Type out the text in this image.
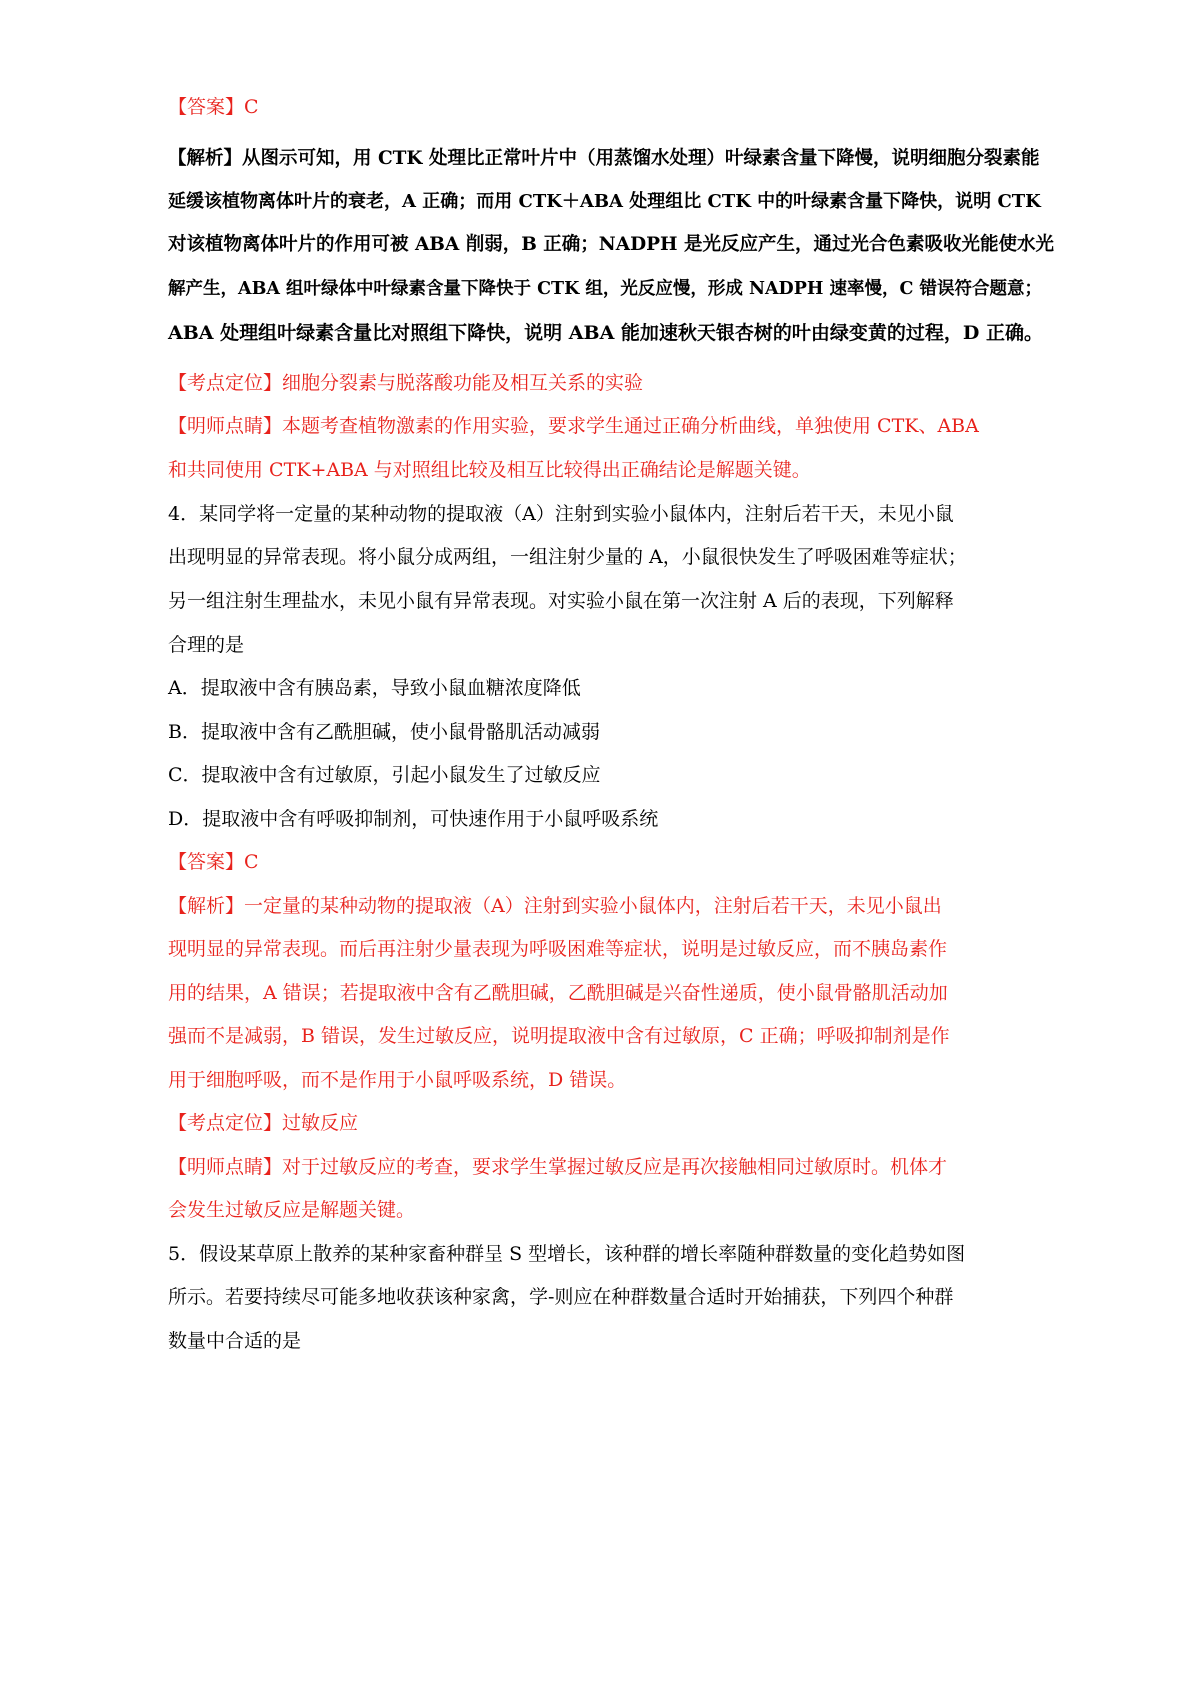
【答案】C
【解析】从图示可知，用 CTK 处理比正常叶片中（用蒸馏水处理）叶绿素含量下降慢，说明细胞分裂素能
延缓该植物离体叶片的衰老，A 正确；而用 CTK＋ABA 处理组比 CTK 中的叶绿素含量下降快，说明 CTK
对该植物离体叶片的作用可被 ABA 削弱，B 正确；NADPH 是光反应产生，通过光合色素吸收光能使水光
解产生，ABA 组叶绿体中叶绿素含量下降快于 CTK 组，光反应慢，形成 NADPH 速率慢，C 错误符合题意；
ABA 处理组叶绿素含量比对照组下降快，说明 ABA 能加速秋天银杏树的叶由绿变黄的过程，D 正确。
【考点定位】细胞分裂素与脱落酸功能及相互关系的实验
【明师点睛】本题考查植物激素的作用实验，要求学生通过正确分析曲线，单独使用 CTK、ABA
和共同使用 CTK+ABA 与对照组比较及相互比较得出正确结论是解题关键。
4．某同学将一定量的某种动物的提取液（A）注射到实验小鼠体内，注射后若干天，未见小鼠
出现明显的异常表现。将小鼠分成两组，一组注射少量的 A，小鼠很快发生了呼吸困难等症状；
另一组注射生理盐水，未见小鼠有异常表现。对实验小鼠在第一次注射 A 后的表现，下列解释
合理的是
A．提取液中含有胰岛素，导致小鼠血糖浓度降低
B．提取液中含有乙酰胆碱，使小鼠骨骼肌活动减弱
C．提取液中含有过敏原，引起小鼠发生了过敏反应
D．提取液中含有呼吸抑制剂，可快速作用于小鼠呼吸系统
【答案】C
【解析】一定量的某种动物的提取液（A）注射到实验小鼠体内，注射后若干天，未见小鼠出
现明显的异常表现。而后再注射少量表现为呼吸困难等症状，说明是过敏反应，而不胰岛素作
用的结果，A 错误；若提取液中含有乙酰胆碱，乙酰胆碱是兴奋性递质，使小鼠骨骼肌活动加
强而不是减弱，B 错误，发生过敏反应，说明提取液中含有过敏原，C 正确；呼吸抑制剂是作
用于细胞呼吸，而不是作用于小鼠呼吸系统，D 错误。
【考点定位】过敏反应
【明师点睛】对于过敏反应的考查，要求学生掌握过敏反应是再次接触相同过敏原时。机体才
会发生过敏反应是解题关键。
5．假设某草原上散养的某种家畜种群呈 S 型增长，该种群的增长率随种群数量的变化趋势如图
所示。若要持续尽可能多地收获该种家禽，学-则应在种群数量合适时开始捕获，下列四个种群
数量中合适的是
